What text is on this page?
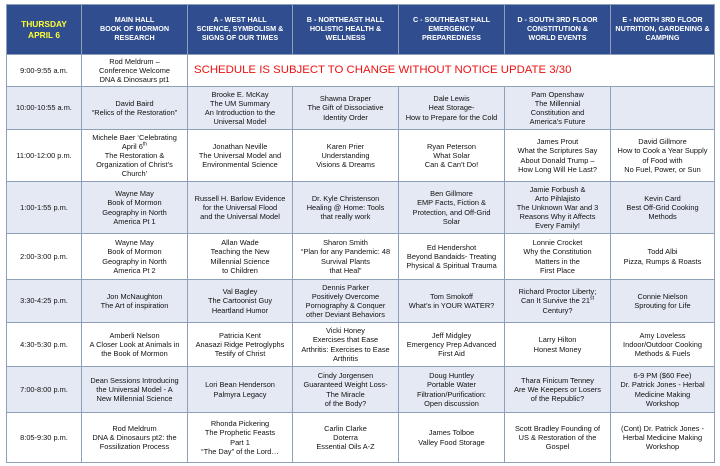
THURSDAY
APRIL 6	MAIN HALL
BOOK OF MORMON
RESEARCH	A - WEST HALL
SCIENCE, SYMBOLISM &
SIGNS OF OUR TIMES	B - NORTHEAST HALL
HOLISTIC HEALTH &
WELLNESS	C - SOUTHEAST HALL
EMERGENCY
PREPAREDNESS	D - SOUTH 3RD FLOOR
CONSTITUTION &
WORLD EVENTS	E - NORTH 3RD FLOOR
NUTRITION, GARDENING &
CAMPING
9:00-9:55 a.m.	Rod Meldrum –
Conference Welcome
DNA & Dinosaurs pt1	SCHEDULE IS SUBJECT TO CHANGE WITHOUT NOTICE UPDATE 3/30				
10:00-10:55 a.m.	David Baird
“Relics of the Restoration”	Brooke E. McKay
The UM Summary
An Introduction to the
Universal Model	Shawna Draper
The Gift of Dissociative
Identity Order	Dale Lewis
Heat Storage-
How to Prepare for the Cold	Pam Openshaw
The Millennial
Constitution and
America’s Future	
11:00-12:00 p.m.	Michele Baer ‘Celebrating
April 6th
The Restoration &
Organization of Christ’s
Church’	Jonathan Neville
The Universal Model and
Environmental Science	Karen Prier
Understanding
Visions & Dreams	Ryan Peterson
What Solar
Can & Can’t Do!	James Prout
What the Scriptures Say
About Donald Trump –
How Long Will He Last?	David Gillmore
How to Cook a Year Supply
of Food with
No Fuel, Power, or Sun
1:00-1:55 p.m.	Wayne May
Book of Mormon
Geography in North
America Pt 1	Russell H. Barlow Evidence
for the Universal Flood
and the Universal Model	Dr. Kyle Christenson
Healing @ Home: Tools
that really work	Ben Gillmore
EMP Facts, Fiction &
Protection, and Off-Grid
Solar	Jamie Forbush &
Arto Pihlajisto
The Unknown War and 3
Reasons Why it Affects
Every Family!	Kevin Card
Best Off-Grid Cooking
Methods
2:00-3:00 p.m.	Wayne May
Book of Mormon
Geography in North
America Pt 2	Allan Wade
Teaching the New
Millennial Science
to Children	Sharon Smith
“Plan for any Pandemic: 48
Survival Plants
that Heal”	Ed Hendershot
Beyond Bandaids- Treating
Physical & Spiritual Trauma	Lonnie Crocket
Why the Constitution
Matters in the
First Place	Todd Albi
Pizza, Rumps & Roasts
3:30-4:25 p.m.	Jon McNaughton
The Art of inspiration	Val Bagley
The Cartoonist Guy
Heartland Humor	Dennis Parker
Positively Overcome
Pornography & Conquer
other Deviant Behaviors	Tom Smokoff
What’s in YOUR WATER?	Richard Proctor Liberty;
Can It Survive the 21st
Century?	Connie Nielson
Sprouting for Life
4:30-5:30 p.m.	Amberli Nelson
A Closer Look at Animals in
the Book of Mormon	Patricia Kent
Anasazi Ridge Petroglyphs
Testify of Christ	Vicki Honey
Exercises that Ease
Arthritis: Exercises to Ease
Arthritis	Jeff Midgley
Emergency Prep Advanced
First Aid	Larry Hilton
Honest Money	Amy Loveless
Indoor/Outdoor Cooking
Methods & Fuels
7:00-8:00 p.m.	Dean Sessions Introducing
the Universal Model - A
New Millennial Science	Lori Bean Henderson
Palmyra Legacy	Cindy Jorgensen
Guaranteed Weight Loss-
The Miracle
of the Body?	Doug Huntley
Portable Water
Filtration/Purification:
Open discussion	Thara Finicum Tenney
Are We Keepers or Losers
of the Republic?	6-9 PM ($60 Fee)
Dr. Patrick Jones - Herbal
Medicine Making
Workshop
8:05-9:30 p.m.	Rod Meldrum
DNA & Dinosaurs pt2: the
Fossilization Process	Rhonda Pickering
The Prophetic Feasts
Part 1
“The Day” of the Lord…	Carlin Clarke
Doterra
Essential Oils A-Z	James Tolboe
Valley Food Storage	Scott Bradley Founding of
US & Restoration of the
Gospel	(Cont) Dr. Patrick Jones -
Herbal Medicine Making
Workshop
